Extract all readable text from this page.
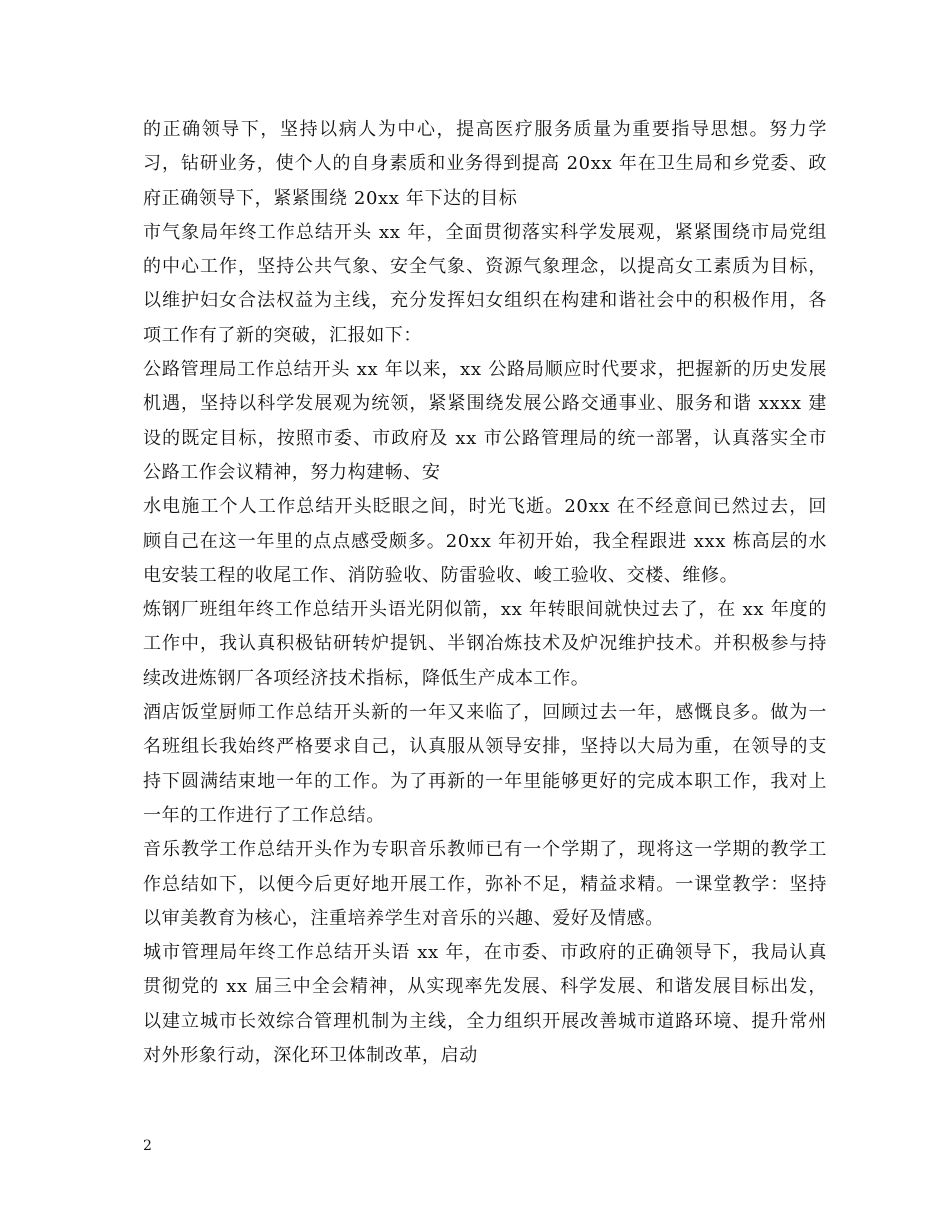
的正确领导下，坚持以病人为中心，提高医疗服务质量为重要指导思想。努力学习，钻研业务，使个人的自身素质和业务得到提高 20xx 年在卫生局和乡党委、政府正确领导下，紧紧围绕 20xx 年下达的目标

市气象局年终工作总结开头 xx 年，全面贯彻落实科学发展观，紧紧围绕市局党组的中心工作，坚持公共气象、安全气象、资源气象理念，以提高女工素质为目标，以维护妇女合法权益为主线，充分发挥妇女组织在构建和谐社会中的积极作用，各项工作有了新的突破，汇报如下：

公路管理局工作总结开头 xx 年以来，xx 公路局顺应时代要求，把握新的历史发展机遇，坚持以科学发展观为统领，紧紧围绕发展公路交通事业、服务和谐 xxxx 建设的既定目标，按照市委、市政府及 xx 市公路管理局的统一部署，认真落实全市公路工作会议精神，努力构建畅、安

水电施工个人工作总结开头眨眼之间，时光飞逝。20xx 在不经意间已然过去，回顾自己在这一年里的点点感受颇多。20xx 年初开始，我全程跟进 xxx 栋高层的水电安装工程的收尾工作、消防验收、防雷验收、峻工验收、交楼、维修。

炼钢厂班组年终工作总结开头语光阴似箭，xx 年转眼间就快过去了，在 xx 年度的工作中，我认真积极钻研转炉提钒、半钢冶炼技术及炉况维护技术。并积极参与持续改进炼钢厂各项经济技术指标，降低生产成本工作。

酒店饭堂厨师工作总结开头新的一年又来临了，回顾过去一年，感慨良多。做为一名班组长我始终严格要求自己，认真服从领导安排，坚持以大局为重，在领导的支持下圆满结束地一年的工作。为了再新的一年里能够更好的完成本职工作，我对上一年的工作进行了工作总结。

音乐教学工作总结开头作为专职音乐教师已有一个学期了，现将这一学期的教学工作总结如下，以便今后更好地开展工作，弥补不足，精益求精。一课堂教学：坚持以审美教育为核心，注重培养学生对音乐的兴趣、爱好及情感。

城市管理局年终工作总结开头语 xx 年，在市委、市政府的正确领导下，我局认真贯彻党的 xx 届三中全会精神，从实现率先发展、科学发展、和谐发展目标出发，以建立城市长效综合管理机制为主线，全力组织开展改善城市道路环境、提升常州对外形象行动，深化环卫体制改革，启动

2
